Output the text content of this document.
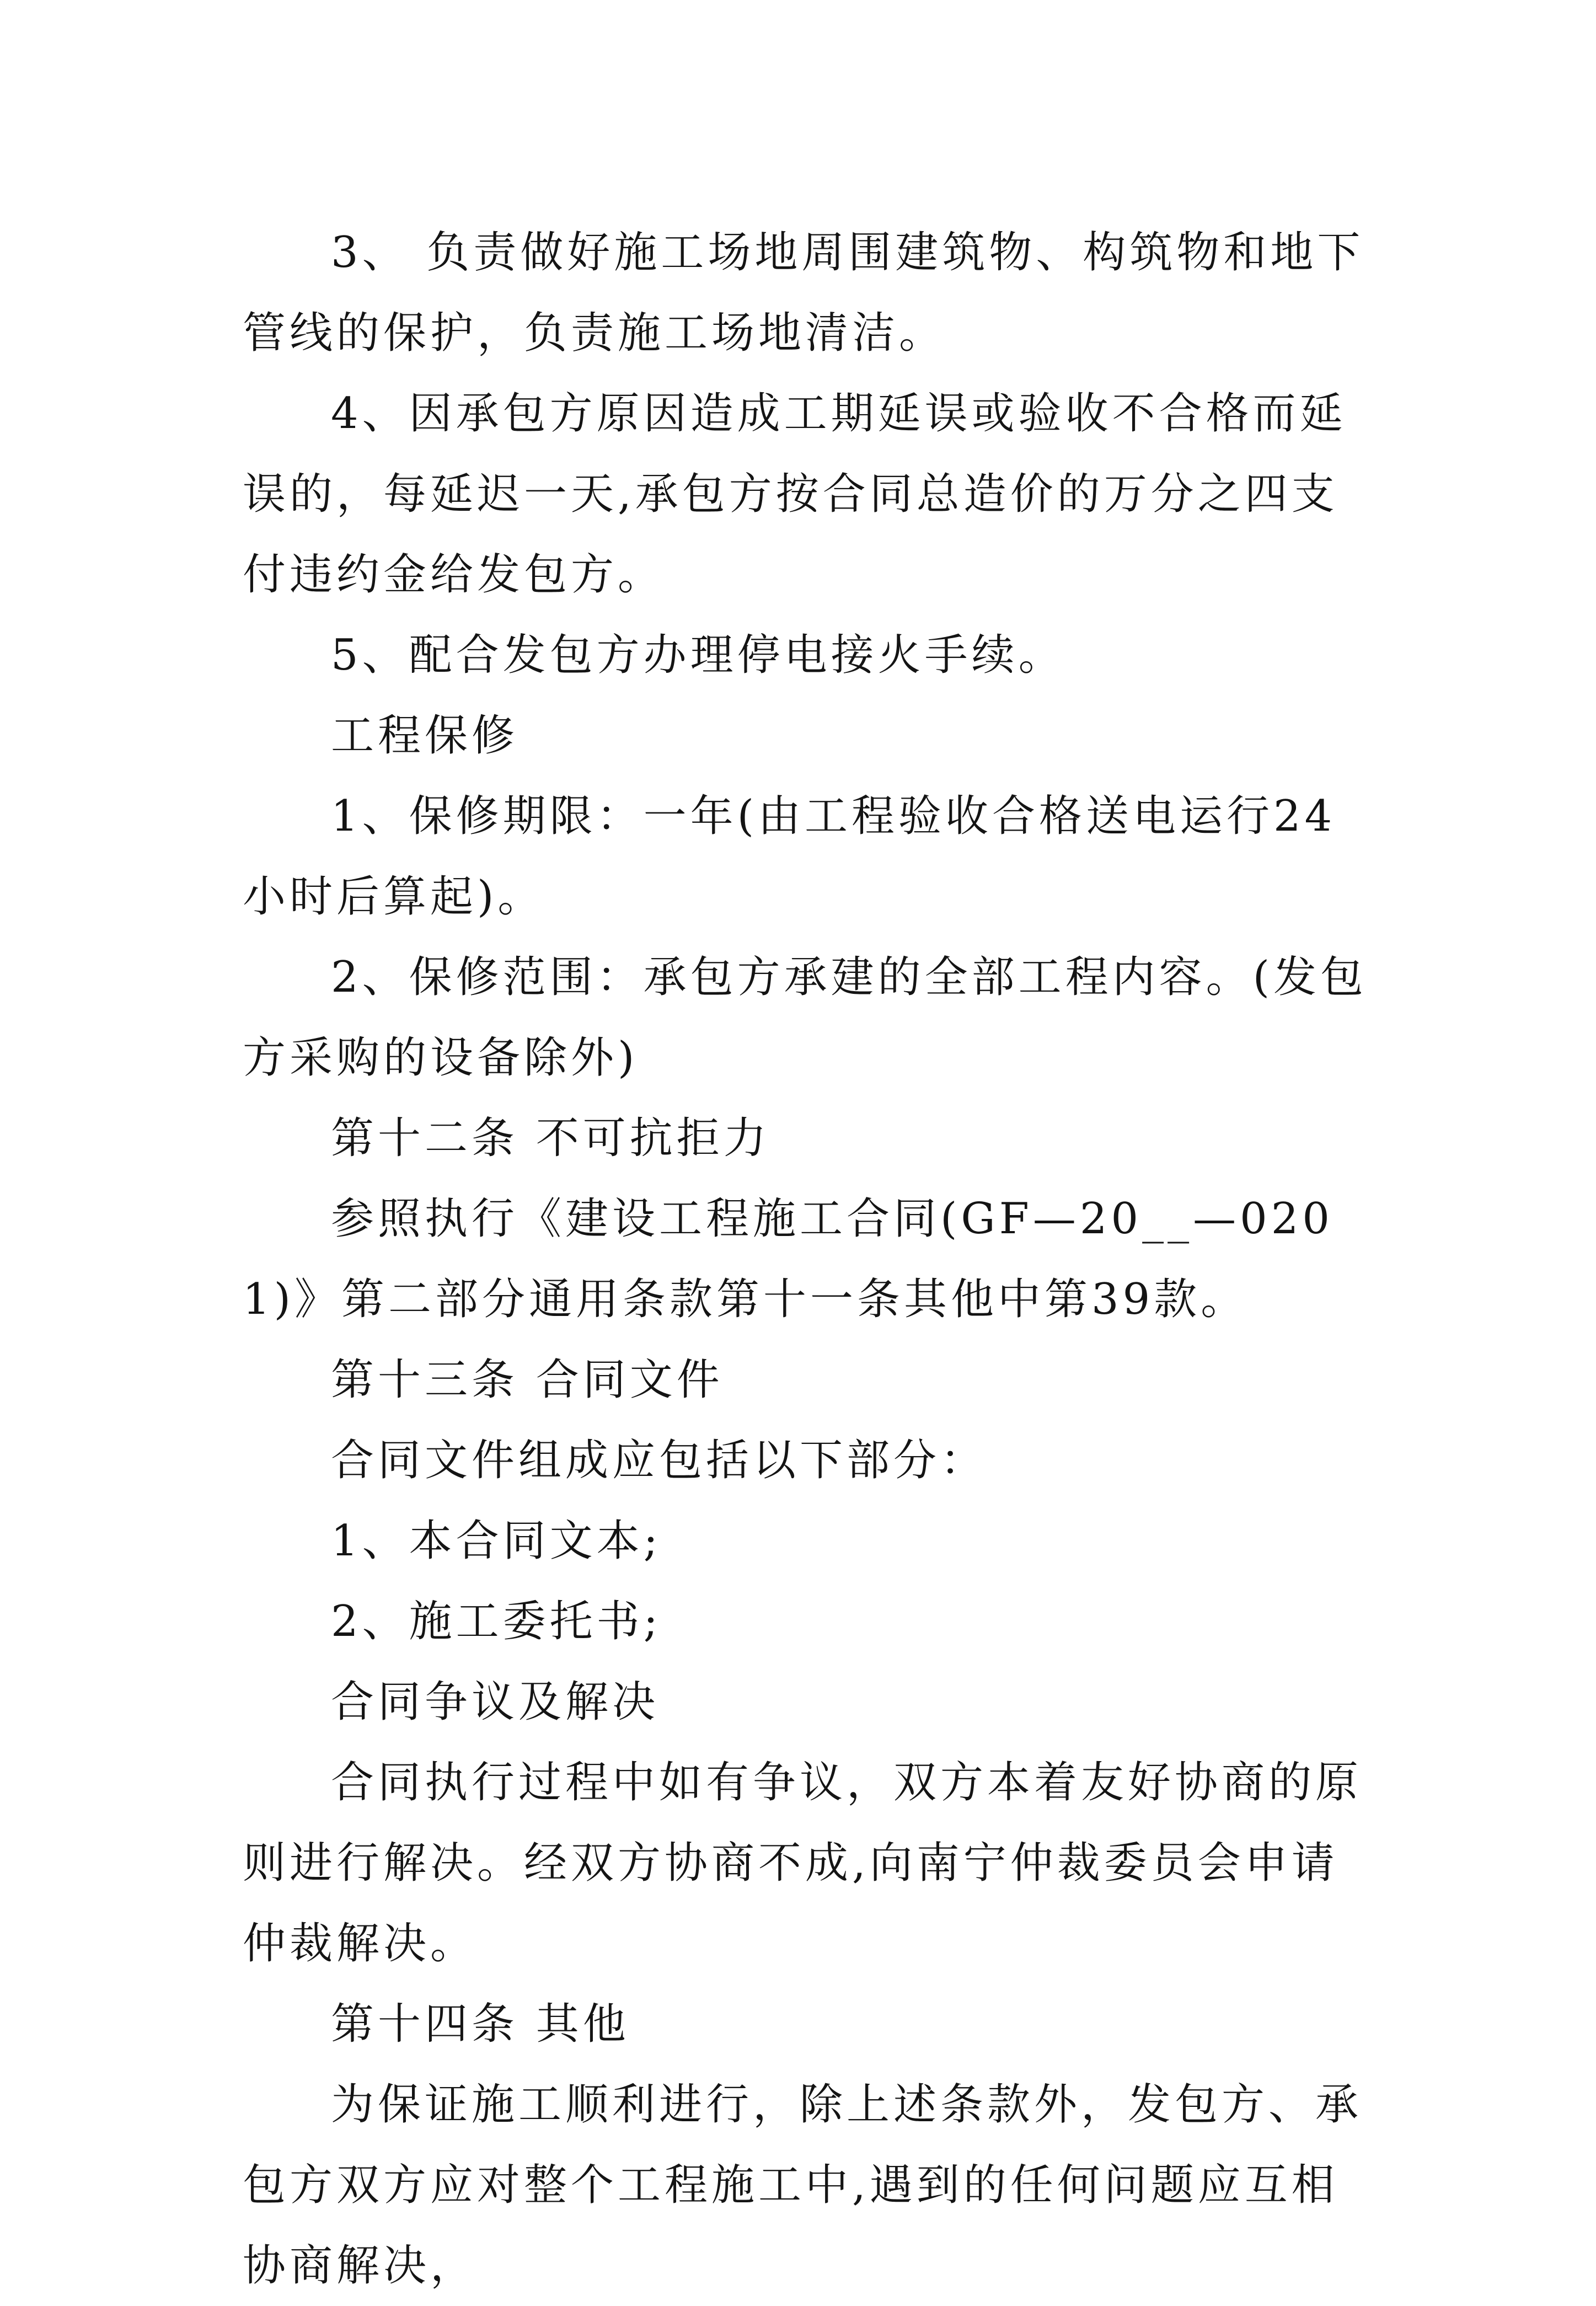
3、 负责做好施工场地周围建筑物、构筑物和地下管线的保护，负责施工场地清洁。

4、因承包方原因造成工期延误或验收不合格而延误的，每延迟一天,承包方按合同总造价的万分之四支付违约金给发包方。

5、配合发包方办理停电接火手续。

工程保修

1、保修期限：一年(由工程验收合格送电运行24小时后算起)。

2、保修范围：承包方承建的全部工程内容。(发包方采购的设备除外)

第十二条 不可抗拒力

参照执行《建设工程施工合同(GF—20__—0201)》第二部分通用条款第十一条其他中第39款。

第十三条 合同文件

合同文件组成应包括以下部分：

1、本合同文本;

2、施工委托书;

合同争议及解决

合同执行过程中如有争议，双方本着友好协商的原则进行解决。经双方协商不成,向南宁仲裁委员会申请仲裁解决。

第十四条 其他

为保证施工顺利进行，除上述条款外，发包方、承包方双方应对整个工程施工中,遇到的任何问题应互相协商解决，
